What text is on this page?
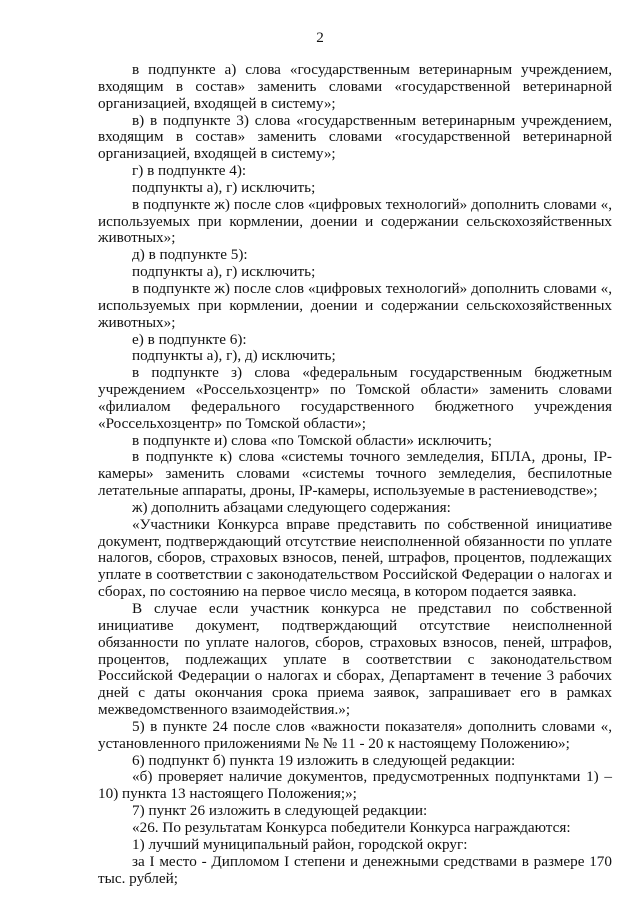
2

в подпункте а) слова «государственным ветеринарным учреждением, входящим в состав» заменить словами «государственной ветеринарной организацией, входящей в систему»;

в) в подпункте 3) слова «государственным ветеринарным учреждением, входящим в состав» заменить словами «государственной ветеринарной организацией, входящей в систему»;

г) в подпункте 4):

подпункты а), г) исключить;

в подпункте ж) после слов «цифровых технологий» дополнить словами «, используемых при кормлении, доении и содержании сельскохозяйственных животных»;

д) в подпункте 5):

подпункты а), г) исключить;

в подпункте ж) после слов «цифровых технологий» дополнить словами «, используемых при кормлении, доении и содержании сельскохозяйственных животных»;

е) в подпункте 6):

подпункты а), г), д) исключить;

в подпункте з) слова «федеральным государственным бюджетным учреждением «Россельхозцентр» по Томской области» заменить словами «филиалом федерального государственного бюджетного учреждения «Россельхозцентр» по Томской области»;

в подпункте и) слова «по Томской области» исключить;

в подпункте к) слова «системы точного земледелия, БПЛА, дроны, IP-камеры» заменить словами «системы точного земледелия, беспилотные летательные аппараты, дроны, IP-камеры, используемые в растениеводстве»;

ж) дополнить абзацами следующего содержания:

«Участники Конкурса вправе представить по собственной инициативе документ, подтверждающий отсутствие неисполненной обязанности по уплате налогов, сборов, страховых взносов, пеней, штрафов, процентов, подлежащих уплате в соответствии с законодательством Российской Федерации о налогах и сборах, по состоянию на первое число месяца, в котором подается заявка.

В случае если участник конкурса не представил по собственной инициативе документ, подтверждающий отсутствие неисполненной обязанности по уплате налогов, сборов, страховых взносов, пеней, штрафов, процентов, подлежащих уплате в соответствии с законодательством Российской Федерации о налогах и сборах, Департамент в течение 3 рабочих дней с даты окончания срока приема заявок, запрашивает его в рамках межведомственного взаимодействия.»;

5) в пункте 24 после слов «важности показателя» дополнить словами «, установленного приложениями № № 11 - 20 к настоящему Положению»;

6) подпункт б) пункта 19 изложить в следующей редакции:

«б) проверяет наличие документов, предусмотренных подпунктами 1) – 10) пункта 13 настоящего Положения;»;

7) пункт 26 изложить в следующей редакции:

«26. По результатам Конкурса победители Конкурса награждаются:

1) лучший муниципальный район, городской округ:

за I место - Дипломом I степени и денежными средствами в размере 170 тыс. рублей;
